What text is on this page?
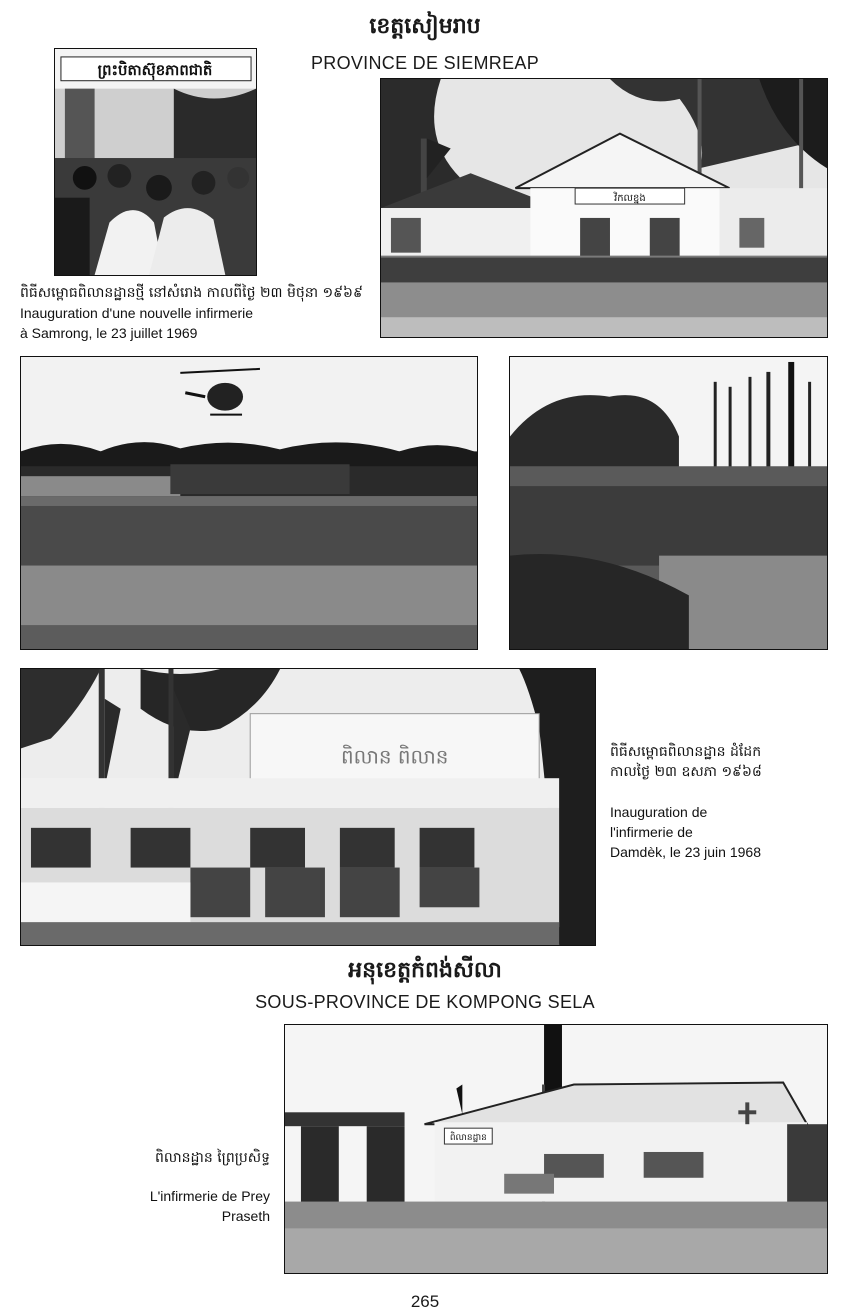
ខេត្តសៀមរាប
PROVINCE DE SIEMREAP
ព្រះបិតាស៊ុខភាពជាតិ
ពិធីសម្ពោធពិលានដ្ឋានថ្មី នៅសំរោង កាលពីថ្ងៃ ២៣ មិថុនា ១៩៦៩
Inauguration d'une nouvelle infirmerie
à Samrong, le 23 juillet 1969
វិកលខ្នង
ពិលាន ពិលាន	ពិធីសម្ពោធពិលានដ្ឋាន ដំដែក
កាលថ្ងៃ ២៣ ឧសភា ១៩៦៨
Inauguration de
l'infirmerie de
Damdèk, le 23 juin 1968
អនុខេត្តកំពង់សីលា
SOUS-PROVINCE DE KOMPONG SELA
ពិលានដ្ឋាន ព្រៃប្រសិទ្ធ
L'infirmerie de Prey
Praseth
ពិលានដ្ឋាន
265
